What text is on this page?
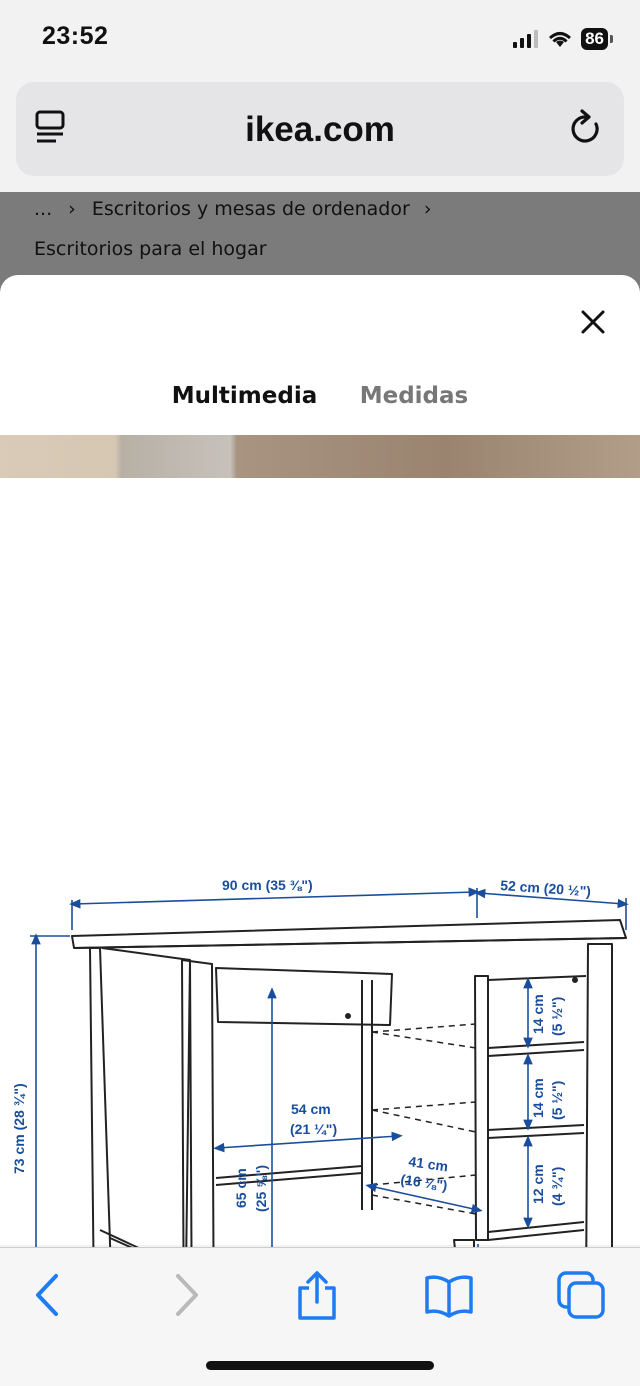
23:52	86
ikea.com
... › Escritorios y mesas de ordenador ›
Escritorios para el hogar
Multimedia Medidas
90 cm (35 ⅜")	52 cm (20 ½")
73 cm (28 ¾")
65 cm (25 ⅝")
54 cm
(21 ¼")
41 cm
(16 ⅛")
14 cm (5 ½")
14 cm (5 ½")
12 cm (4 ¾")
